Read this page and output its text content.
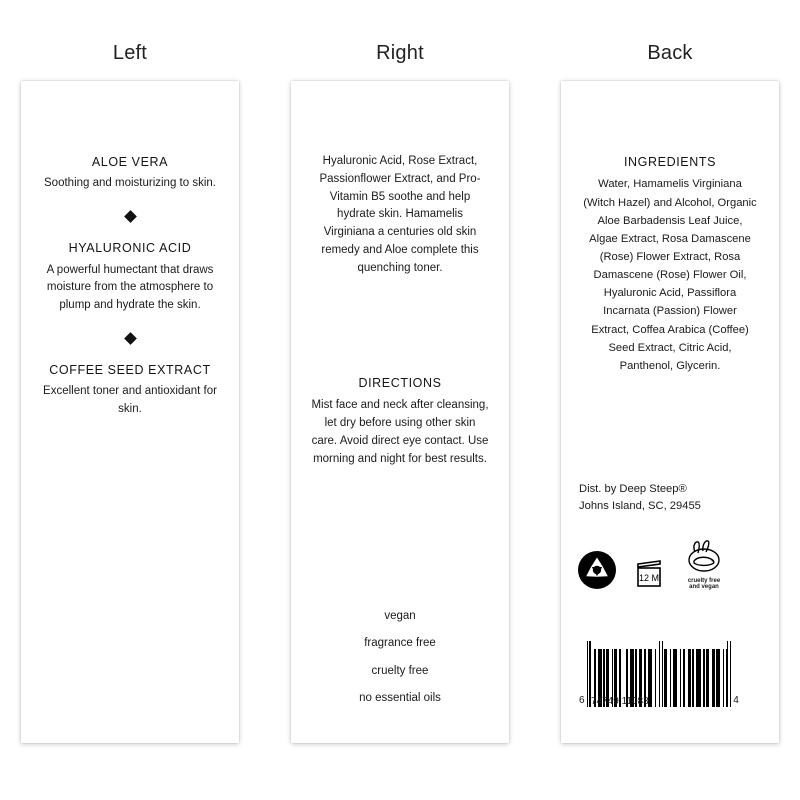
Left
ALOE VERA
Soothing and moisturizing to skin.
HYALURONIC ACID
A powerful humectant that draws moisture from the atmosphere to plump and hydrate the skin.
COFFEE SEED EXTRACT
Excellent toner and antioxidant for skin.
Right
Hyaluronic Acid, Rose Extract, Passionflower Extract, and Pro-Vitamin B5 soothe and help hydrate skin. Hamamelis Virginiana a centuries old skin remedy and Aloe complete this quenching toner.
DIRECTIONS
Mist face and neck after cleansing, let dry before using other skin care. Avoid direct eye contact. Use morning and night for best results.
vegan
fragrance free
cruelty free
no essential oils
Back
INGREDIENTS
Water, Hamamelis Virginiana (Witch Hazel) and Alcohol, Organic Aloe Barbadensis Leaf Juice, Algae Extract, Rosa Damascene (Rose) Flower Extract, Rosa Damascene (Rose) Flower Oil, Hyaluronic Acid, Passiflora Incarnata (Passion) Flower Extract, Coffea Arabica (Coffee) Seed Extract, Citric Acid, Panthenol, Glycerin.
Dist. by Deep Steep®
Johns Island, SC, 29455
12 M	cruelty free
and vegan
6	4
74749 11083
